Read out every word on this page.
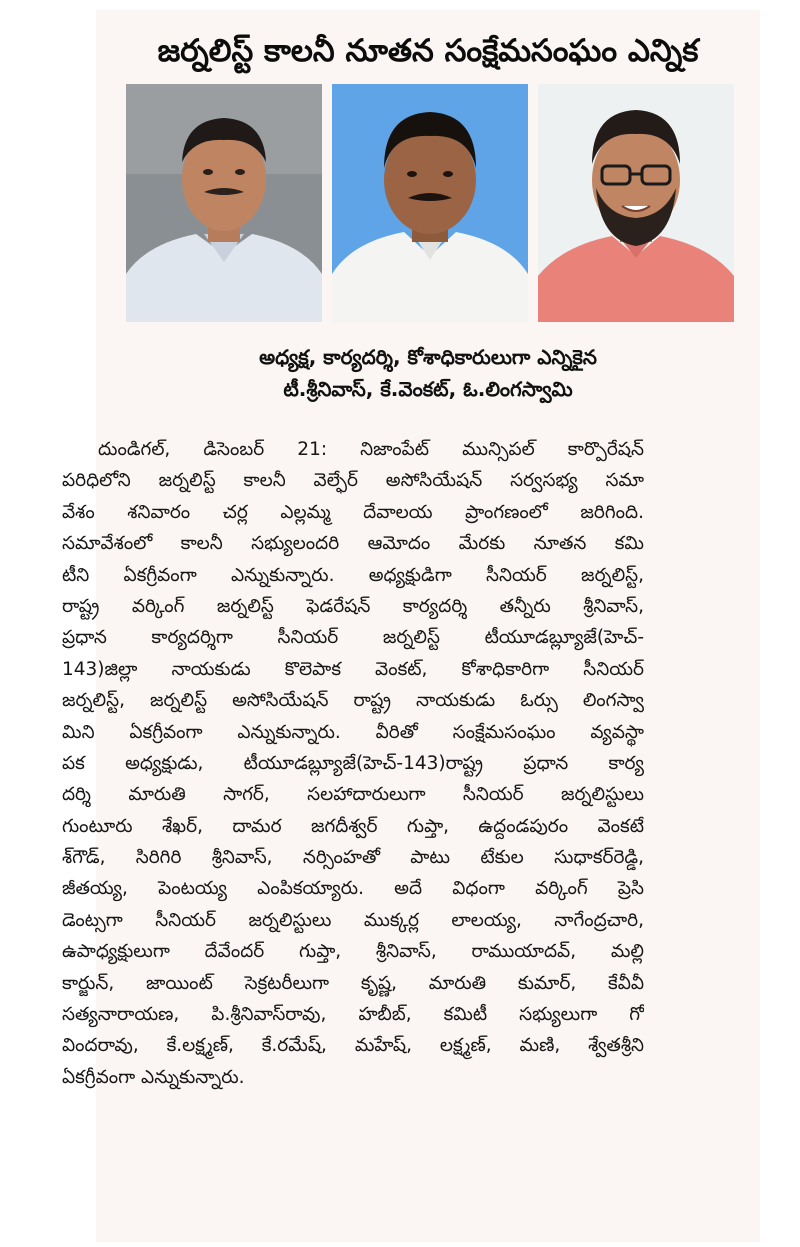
జర్నలిస్ట్ కాలనీ నూతన సంక్షేమసంఘం ఎన్నిక
అధ్యక్ష, కార్యదర్శి, కోశాధికారులుగా ఎన్నికైన
టీ.శ్రీనివాస్, కే.వెంకట్, ఓ.లింగస్వామి
దుండిగల్, డిసెంబర్ 21: నిజాంపేట్ మున్సిపల్ కార్పొరేషన్
పరిధిలోని జర్నలిస్ట్ కాలనీ వెల్ఫేర్ అసోసియేషన్ సర్వసభ్య సమా
వేశం శనివారం చర్ల ఎల్లమ్మ దేవాలయ ప్రాంగణంలో జరిగింది.
సమావేశంలో కాలనీ సభ్యులందరి ఆమోదం మేరకు నూతన కమి
టీని ఏకగ్రీవంగా ఎన్నుకున్నారు. అధ్యక్షుడిగా సీనియర్ జర్నలిస్ట్,
రాష్ట్ర వర్కింగ్ జర్నలిస్ట్ ఫెడరేషన్ కార్యదర్శి తన్నీరు శ్రీనివాస్,
ప్రధాన కార్యదర్శిగా సీనియర్ జర్నలిస్ట్ టీయూడబ్ల్యూజే(హెచ్-
143)జిల్లా నాయకుడు కొలెపాక వెంకట్, కోశాధికారిగా సీనియర్
జర్నలిస్ట్, జర్నలిస్ట్ అసోసియేషన్ రాష్ట్ర నాయకుడు ఓర్సు లింగస్వా
మిని ఏకగ్రీవంగా ఎన్నుకున్నారు. వీరితో సంక్షేమసంఘం వ్యవస్థా
పక అధ్యక్షుడు, టీయూడబ్ల్యూజే(హెచ్-143)రాష్ట్ర ప్రధాన కార్య
దర్శి మారుతి సాగర్, సలహాదారులుగా సీనియర్ జర్నలిస్టులు
గుంటూరు శేఖర్, దామర జగదీశ్వర్ గుప్తా, ఉద్దండపురం వెంకటే
శ్‌గౌడ్, సిరిగిరి శ్రీనివాస్, నర్సింహతో పాటు టేకుల సుధాకర్‌రెడ్డి,
జీతయ్య, పెంటయ్య ఎంపికయ్యారు. అదే విధంగా వర్కింగ్ ప్రెసి
డెంట్సగా సీనియర్ జర్నలిస్టులు ముక్కర్ల లాలయ్య, నాగేంద్రచారి,
ఉపాధ్యక్షులుగా దేవేందర్ గుప్తా, శ్రీనివాస్, రాముయాదవ్, మల్లి
కార్జున్, జాయింట్ సెక్రటరీలుగా కృష్ణ, మారుతి కుమార్, కేవీవీ
సత్యనారాయణ, పి.శ్రీనివాస్‌రావు, హబీబ్, కమిటీ సభ్యులుగా గో
విందరావు, కే.లక్ష్మణ్, కే.రమేష్, మహేష్, లక్ష్మణ్, మణి, శ్వేతశ్రీని
ఏకగ్రీవంగా ఎన్నుకున్నారు.
